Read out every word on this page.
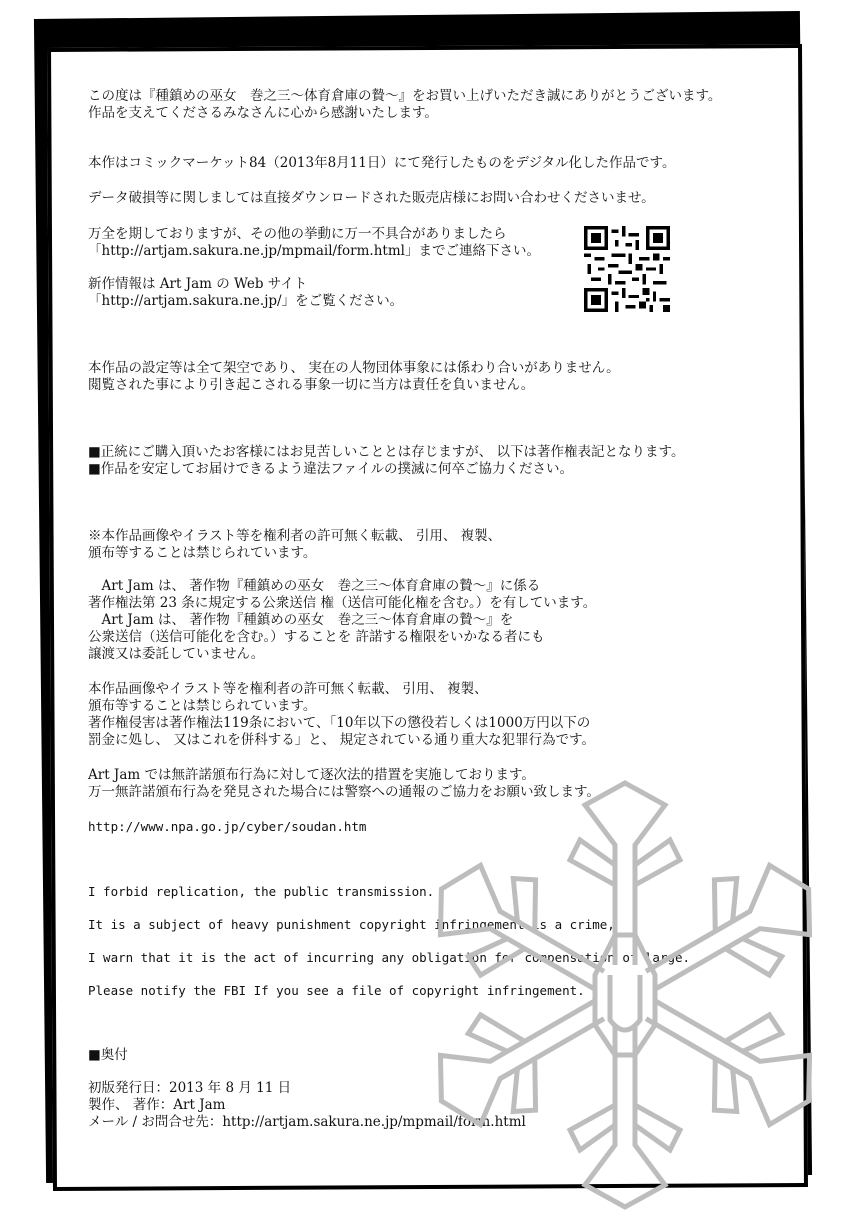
この度は『種鎮めの巫女　巻之三～体育倉庫の贄～』をお買い上げいただき誠にありがとうございます。

作品を支えてくださるみなさんに心から感謝いたします。

本作はコミックマーケット84（2013年8月11日）にて発行したものをデジタル化した作品です。

データ破損等に関しましては直接ダウンロードされた販売店様にお問い合わせくださいませ。

万全を期しておりますが、その他の挙動に万一不具合がありましたら

「http://artjam.sakura.ne.jp/mpmail/form.html」までご連絡下さい。

新作情報は Art Jam の Web サイト

「http://artjam.sakura.ne.jp/」をご覧ください。

本作品の設定等は全て架空であり、 実在の人物団体事象には係わり合いがありません。

閲覧された事により引き起こされる事象一切に当方は責任を負いません。

■正統にご購入頂いたお客様にはお見苦しいこととは存じますが、 以下は著作権表記となります。

■作品を安定してお届けできるよう違法ファイルの撲滅に何卒ご協力ください。

※本作品画像やイラスト等を権利者の許可無く転載、 引用、 複製、

頒布等することは禁じられています。

　Art Jam は、 著作物『種鎮めの巫女　巻之三～体育倉庫の贄～』に係る

著作権法第 23 条に規定する公衆送信 権（送信可能化権を含む。）を有しています。

　Art Jam は、 著作物『種鎮めの巫女　巻之三～体育倉庫の贄～』を

公衆送信（送信可能化を含む。）することを 許諾する権限をいかなる者にも

譲渡又は委託していません。

本作品画像やイラスト等を権利者の許可無く転載、 引用、 複製、

頒布等することは禁じられています。

著作権侵害は著作権法119条において、「10年以下の懲役若しくは1000万円以下の

罰金に処し、 又はこれを併科する」と、 規定されている通り重大な犯罪行為です。

Art Jam では無許諾頒布行為に対して逐次法的措置を実施しております。

万一無許諾頒布行為を発見された場合には警察への通報のご協力をお願い致します。

http://www.npa.go.jp/cyber/soudan.htm

I forbid replication, the public transmission.

It is a subject of heavy punishment copyright infringement is a crime,

I warn that it is the act of incurring any obligation for compensation of large.

Please notify the FBI If you see a file of copyright infringement.

■奥付

初版発行日：2013 年 8 月 11 日

製作、 著作：Art Jam

メール / お問合せ先：http://artjam.sakura.ne.jp/mpmail/form.html
